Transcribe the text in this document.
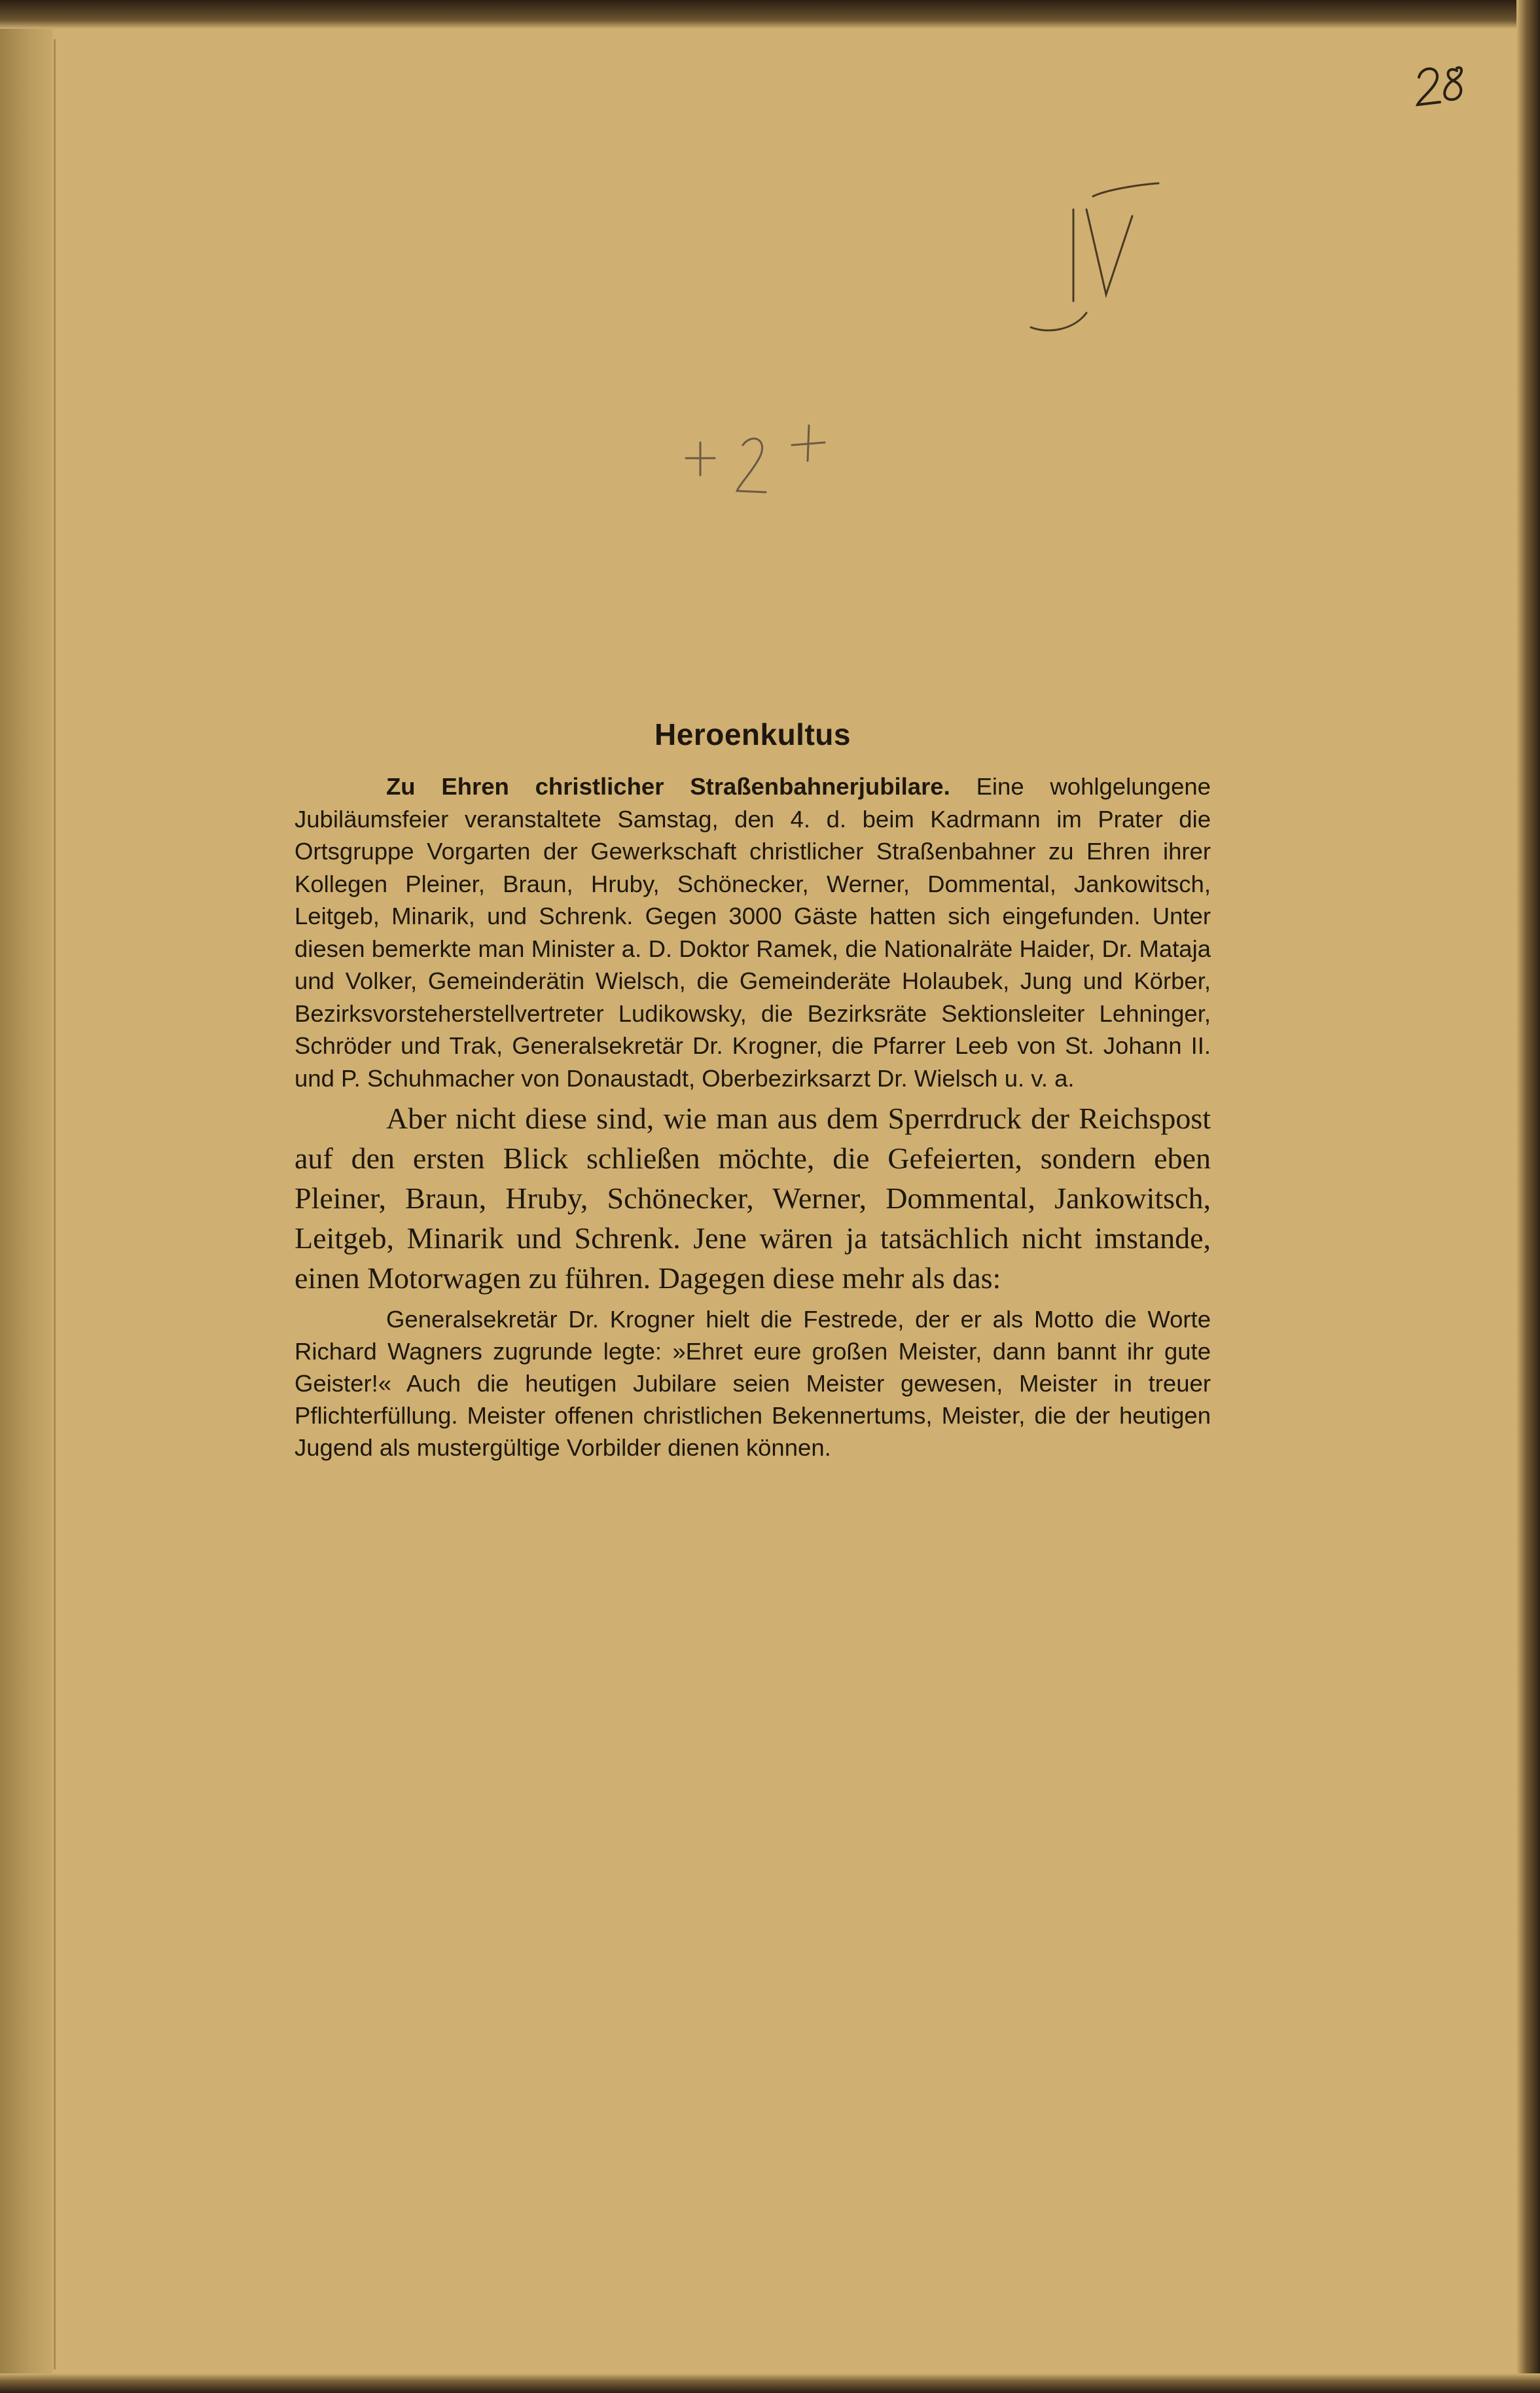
Heroenkultus

Zu Ehren christlicher Straßenbahnerjubilare. Eine wohlgelungene Jubiläumsfeier veranstaltete Samstag, den 4. d. beim Kadrmann im Prater die Ortsgruppe Vorgarten der Gewerkschaft christlicher Straßenbahner zu Ehren ihrer Kollegen Pleiner, Braun, Hruby, Schönecker, Werner, Dommental, Jankowitsch, Leitgeb, Minarik, und Schrenk. Gegen 3000 Gäste hatten sich eingefunden. Unter diesen bemerkte man Minister a. D. Doktor Ramek, die Nationalräte Haider, Dr. Mataja und Volker, Gemeinderätin Wielsch, die Gemeinderäte Holaubek, Jung und Körber, Bezirksvorsteherstellvertreter Ludikowsky, die Bezirksräte Sektionsleiter Lehninger, Schröder und Trak, Generalsekretär Dr. Krogner, die Pfarrer Leeb von St. Johann II. und P. Schuhmacher von Donaustadt, Oberbezirksarzt Dr. Wielsch u. v. a.

Aber nicht diese sind, wie man aus dem Sperrdruck der Reichspost auf den ersten Blick schließen möchte, die Gefeierten, sondern eben Pleiner, Braun, Hruby, Schönecker, Werner, Dommental, Jankowitsch, Leitgeb, Minarik und Schrenk. Jene wären ja tatsächlich nicht imstande, einen Motorwagen zu führen. Dagegen diese mehr als das:

Generalsekretär Dr. Krogner hielt die Festrede, der er als Motto die Worte Richard Wagners zugrunde legte: »Ehret eure großen Meister, dann bannt ihr gute Geister!« Auch die heutigen Jubilare seien Meister gewesen, Meister in treuer Pflichterfüllung. Meister offenen christlichen Bekennertums, Meister, die der heutigen Jugend als mustergültige Vorbilder dienen können.
